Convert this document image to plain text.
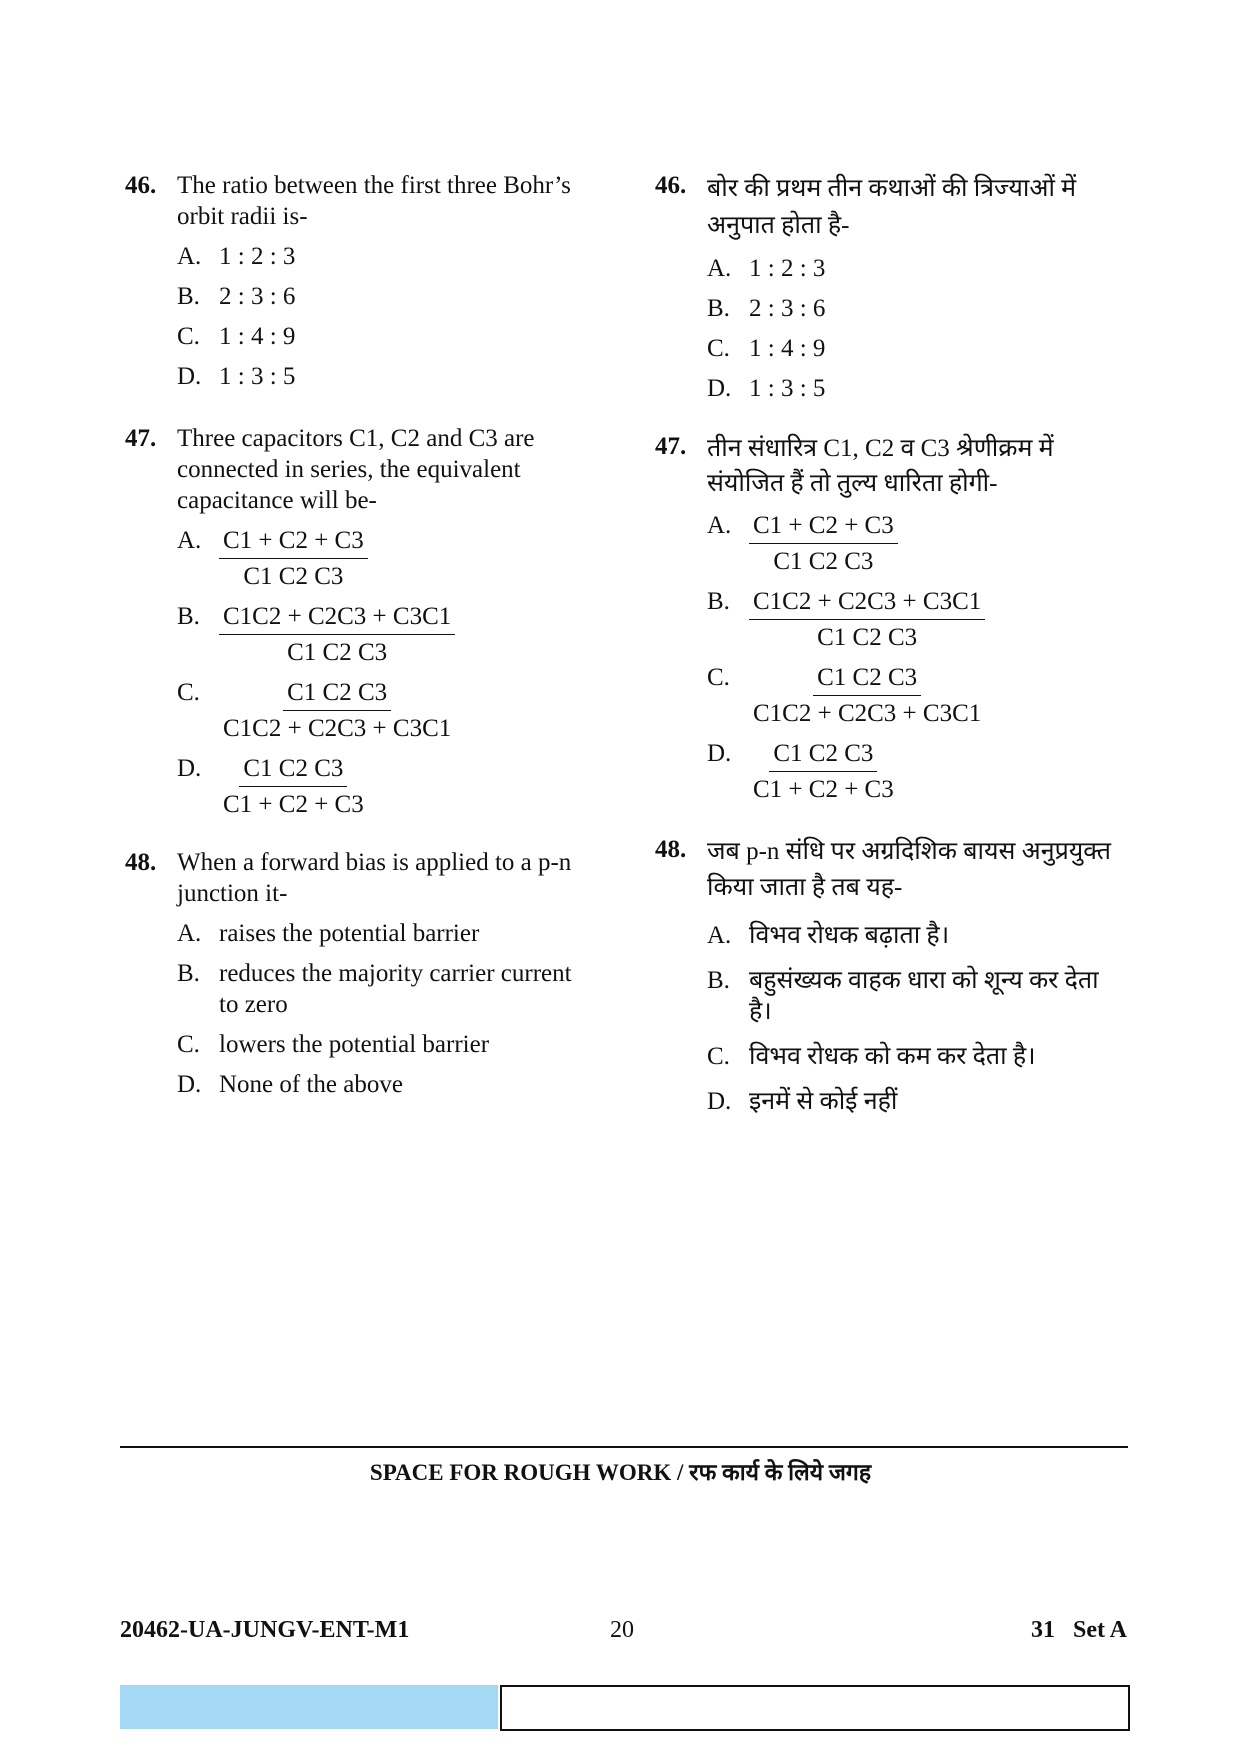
46. The ratio between the first three Bohr’s orbit radii is-
A. 1 : 2 : 3
B. 2 : 3 : 6
C. 1 : 4 : 9
D. 1 : 3 : 5
47. Three capacitors C1, C2 and C3 are connected in series, the equivalent capacitance will be-
A. $\frac{C1 + C2 + C3}{C1 C2 C3}$
B. $\frac{C1C2 + C2C3 + C3C1}{C1 C2 C3}$
C. $\frac{C1 C2 C3}{C1C2 + C2C3 + C3C1}$
D. $\frac{C1 C2 C3}{C1 + C2 + C3}$
48. When a forward bias is applied to a p-n junction it-
A. raises the potential barrier
B. reduces the majority carrier current to zero
C. lowers the potential barrier
D. None of the above
46. बोर की प्रथम तीन कथाओं की त्रिज्याओं में अनुपात होता है-
A. 1 : 2 : 3
B. 2 : 3 : 6
C. 1 : 4 : 9
D. 1 : 3 : 5
47. तीन संधारित्र C1, C2 व C3 श्रेणीक्रम में संयोजित हैं तो तुल्य धारिता होगी-
A. $\frac{C1 + C2 + C3}{C1 C2 C3}$
B. $\frac{C1C2 + C2C3 + C3C1}{C1 C2 C3}$
C. $\frac{C1 C2 C3}{C1C2 + C2C3 + C3C1}$
D. $\frac{C1 C2 C3}{C1 + C2 + C3}$
48. जब p-n संधि पर अग्रदिशिक बायस अनुप्रयुक्त किया जाता है तब यह-
A. विभव रोधक बढ़ाता है।
B. बहुसंख्यक वाहक धारा को शून्य कर देता है।
C. विभव रोधक को कम कर देता है।
D. इनमें से कोई नहीं
SPACE FOR ROUGH WORK / रफ कार्य के लिये जगह
20462-UA-JUNGV-ENT-M1	20	31   Set A
